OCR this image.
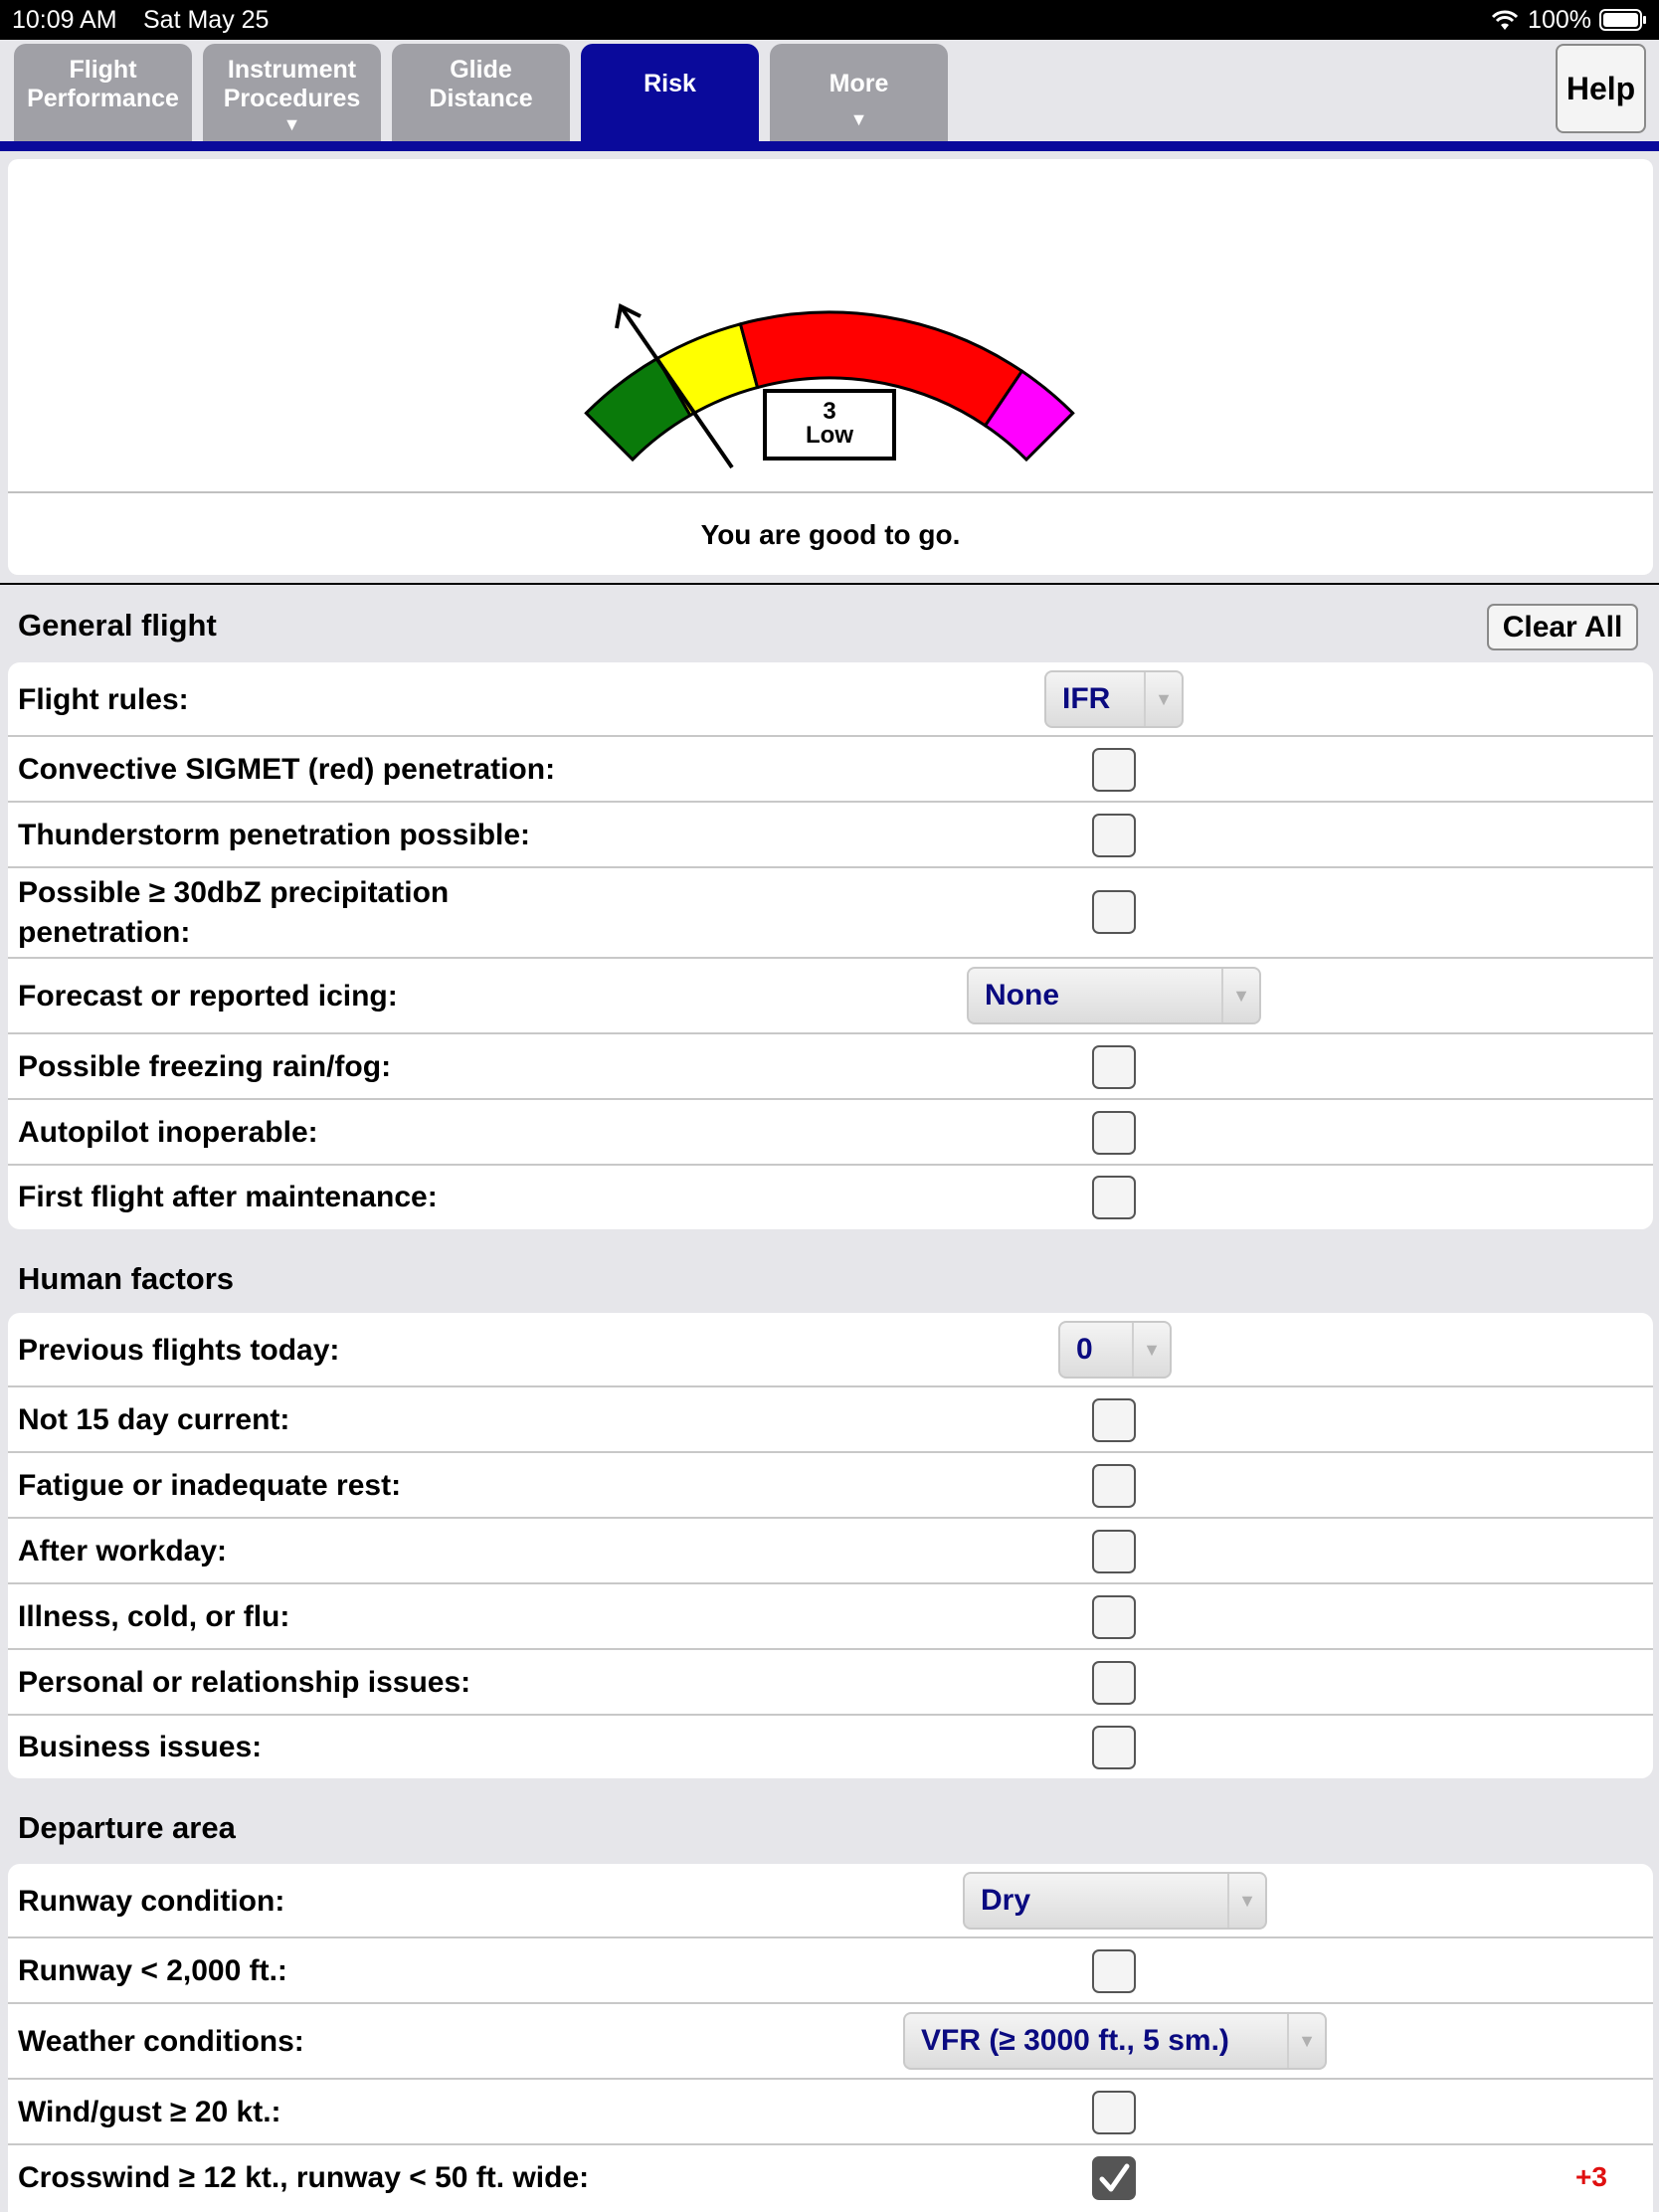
10:09 AM Sat May 25	100%
Flight
Performance
Instrument
Procedures
▼
Glide
Distance
Risk	More
▼
Help
3
Low
You are good to go.
General flight	Clear All
Flight rules:	IFR	▼
Convective SIGMET (red) penetration:
Thunderstorm penetration possible:
Possible ≥ 30dbZ precipitation
penetration:
Forecast or reported icing:	None	▼
Possible freezing rain/fog:
Autopilot inoperable:
First flight after maintenance:
Human factors
Previous flights today:	0	▼
Not 15 day current:
Fatigue or inadequate rest:
After workday:
Illness, cold, or flu:
Personal or relationship issues:
Business issues:
Departure area
Runway condition:	Dry	▼
Runway < 2,000 ft.:
Weather conditions:	VFR (≥ 3000 ft., 5 sm.)	▼
Wind/gust ≥ 20 kt.:
Crosswind ≥ 12 kt., runway < 50 ft. wide:	+3
